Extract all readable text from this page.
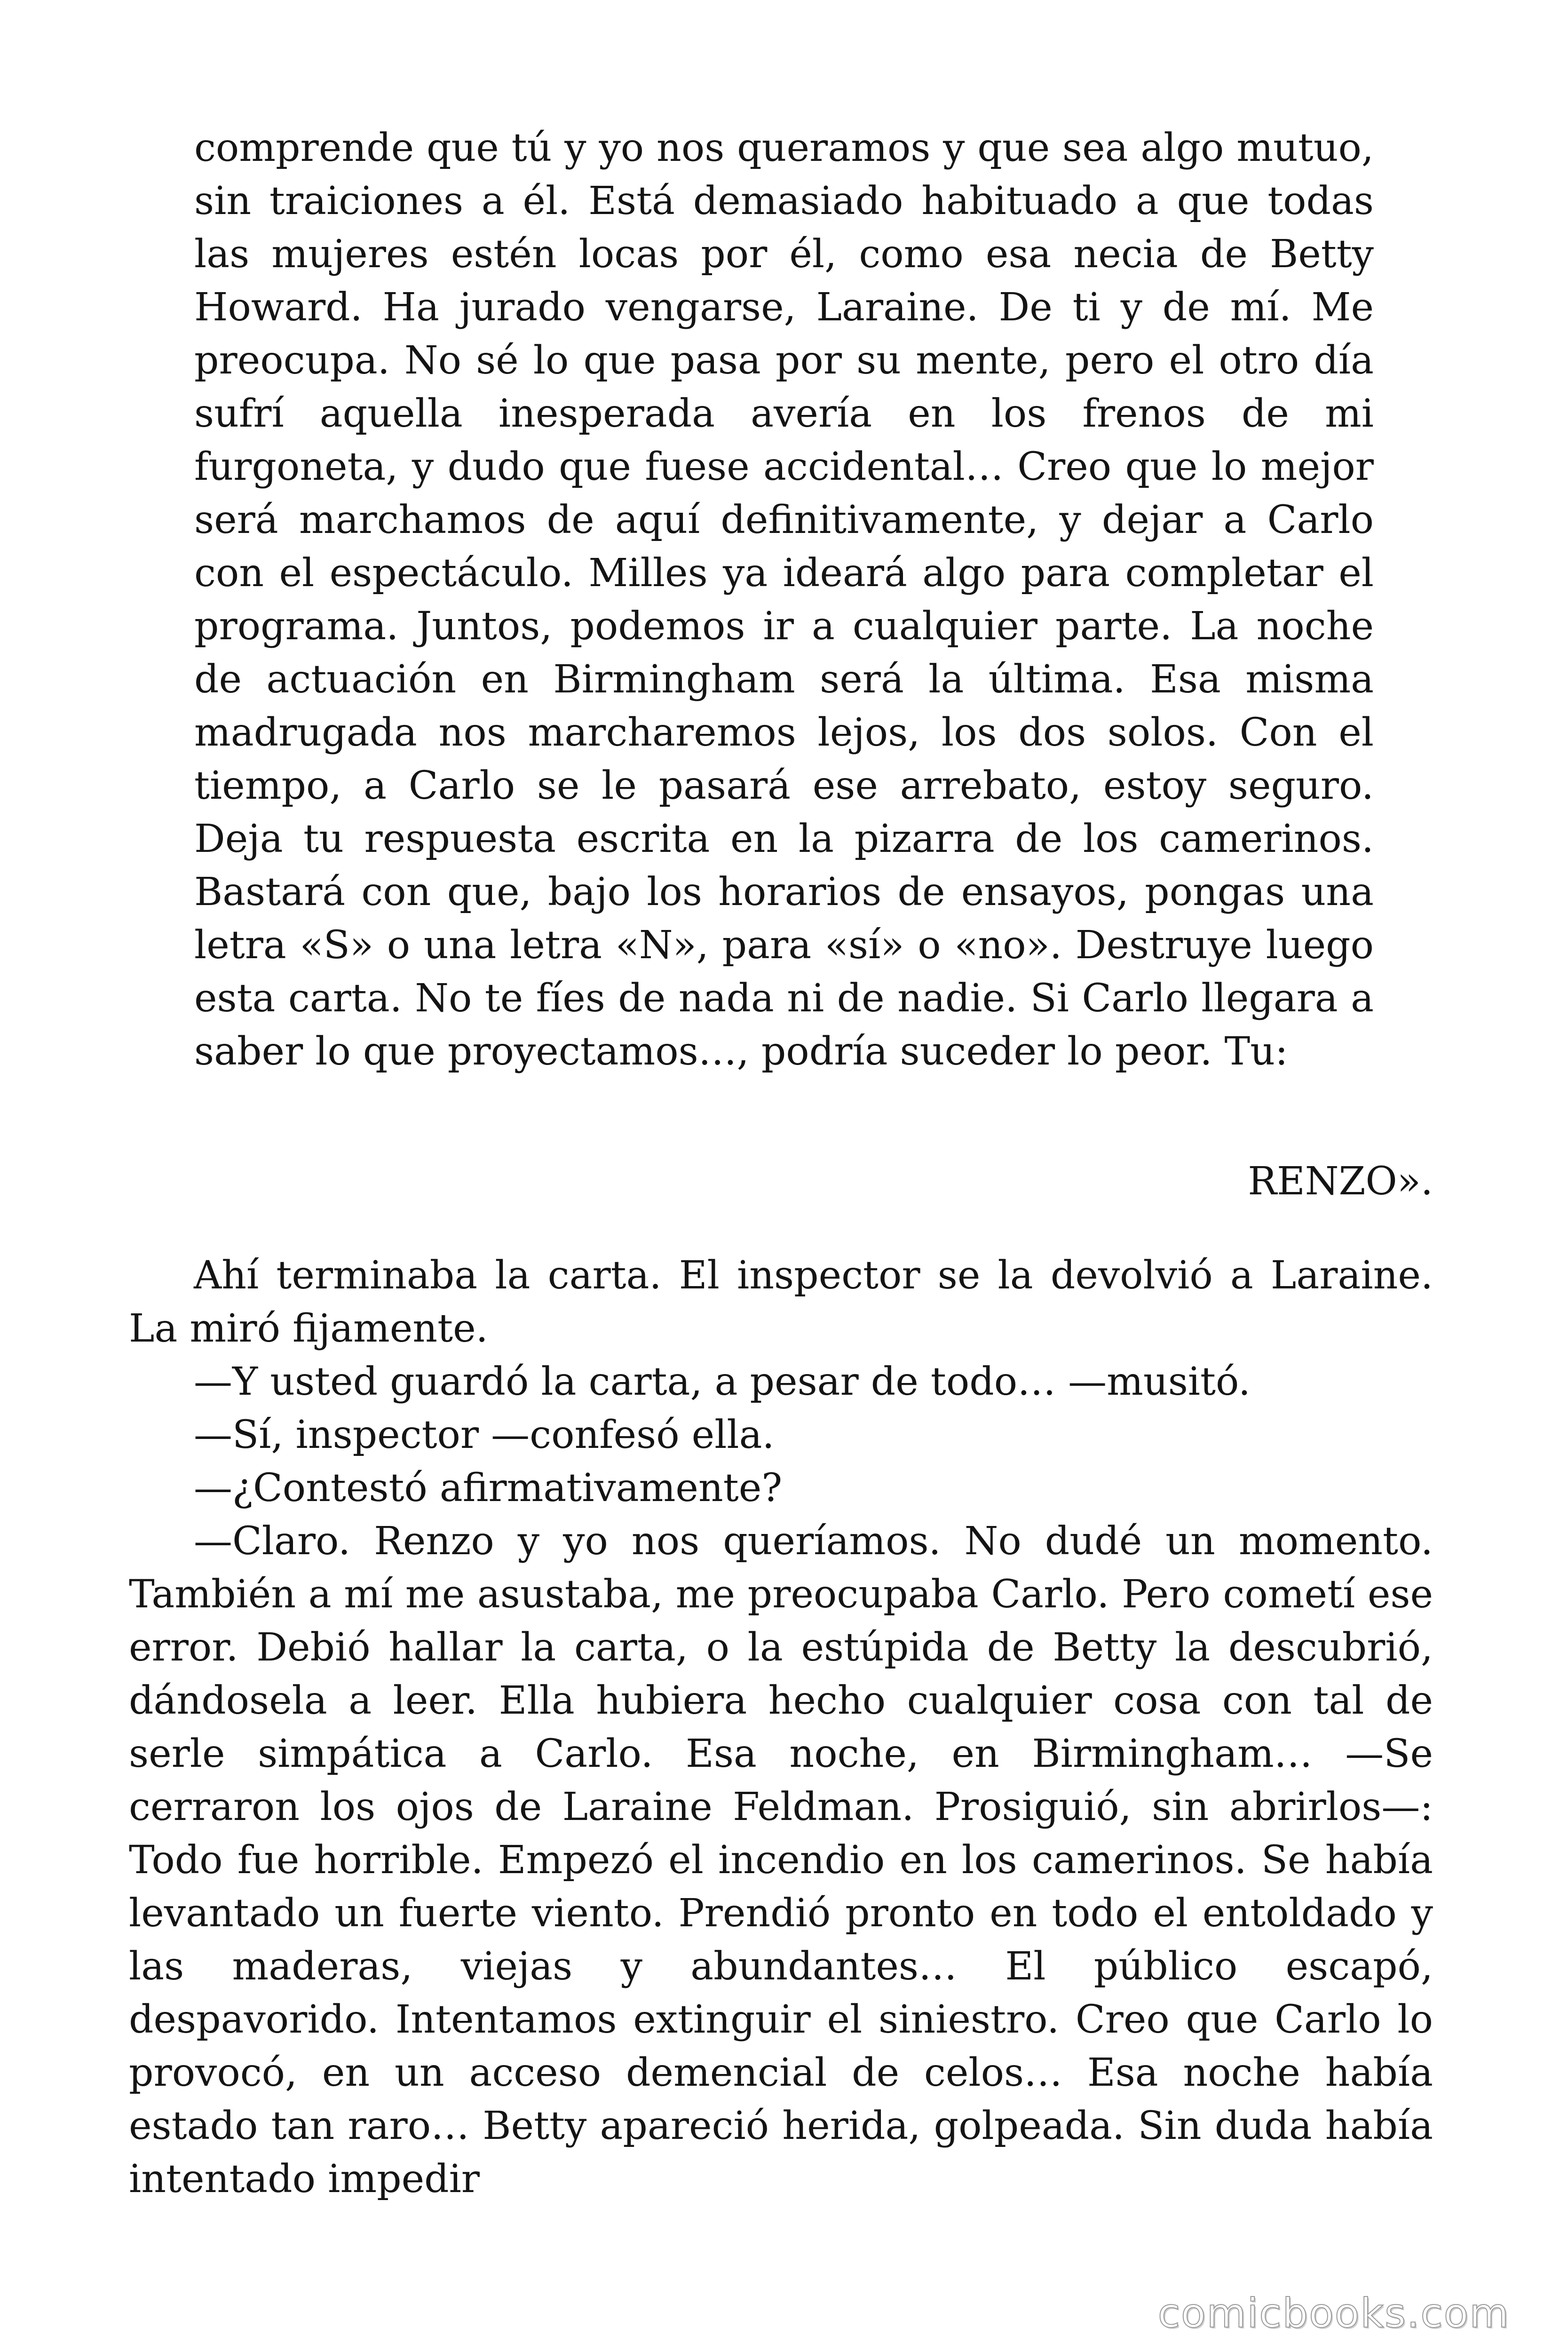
comprende que tú y yo nos queramos y que sea algo mutuo, sin traiciones a él. Está demasiado habituado a que todas las mujeres estén locas por él, como esa necia de Betty Howard. Ha jurado vengarse, Laraine. De ti y de mí. Me preocupa. No sé lo que pasa por su mente, pero el otro día sufrí aquella inesperada avería en los frenos de mi furgoneta, y dudo que fuese accidental… Creo que lo mejor será marchamos de aquí definitivamente, y dejar a Carlo con el espectáculo. Milles ya ideará algo para completar el programa. Juntos, podemos ir a cualquier parte. La noche de actuación en Birmingham será la última. Esa misma madrugada nos marcharemos lejos, los dos solos. Con el tiempo, a Carlo se le pasará ese arrebato, estoy seguro. Deja tu respuesta escrita en la pizarra de los camerinos. Bastará con que, bajo los horarios de ensayos, pongas una letra «S» o una letra «N», para «sí» o «no». Destruye luego esta carta. No te fíes de nada ni de nadie. Si Carlo llegara a saber lo que proyectamos…, podría suceder lo peor. Tu:

RENZO».

Ahí terminaba la carta. El inspector se la devolvió a Laraine. La miró fijamente.

—Y usted guardó la carta, a pesar de todo… —musitó.

—Sí, inspector —confesó ella.

—¿Contestó afirmativamente?

—Claro. Renzo y yo nos queríamos. No dudé un momento. También a mí me asustaba, me preocupaba Carlo. Pero cometí ese error. Debió hallar la carta, o la estúpida de Betty la descubrió, dándosela a leer. Ella hubiera hecho cualquier cosa con tal de serle simpática a Carlo. Esa noche, en Birmingham… —Se cerraron los ojos de Laraine Feldman. Prosiguió, sin abrirlos—: Todo fue horrible. Empezó el incendio en los camerinos. Se había levantado un fuerte viento. Prendió pronto en todo el entoldado y las maderas, viejas y abundantes… El público escapó, despavorido. Intentamos extinguir el siniestro. Creo que Carlo lo provocó, en un acceso demencial de celos… Esa noche había estado tan raro… Betty apareció herida, golpeada. Sin duda había intentado impedir

comicbooks.com
